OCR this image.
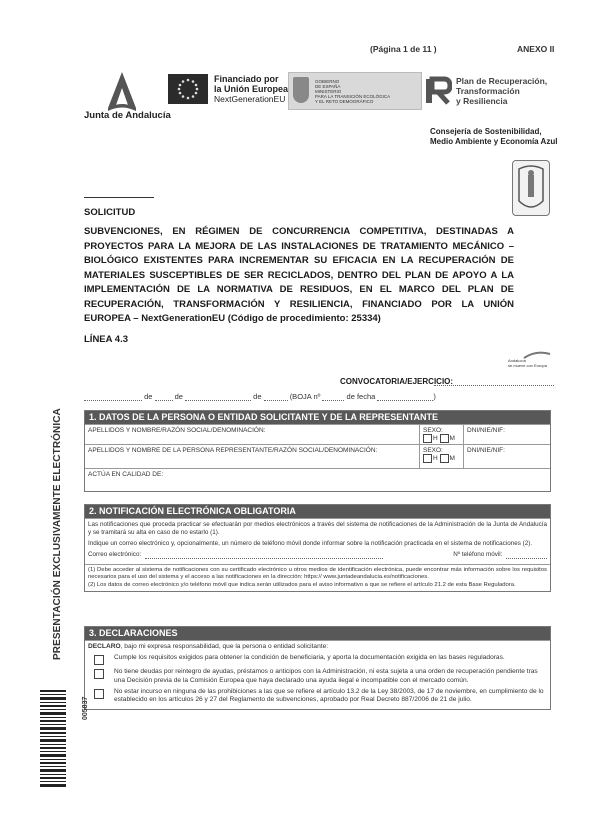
(Página 1 de 11 )	ANEXO II
Junta de Andalucía
Financiado por
la Unión Europea
NextGenerationEU
GOBIERNO
DE ESPAÑA
MINISTERIO
PARA LA TRANSICIÓN ECOLÓGICA
Y EL RETO DEMOGRÁFICO
Plan de Recuperación,
Transformación
y Resiliencia
Consejería de Sostenibilidad,
Medio Ambiente y Economía Azul
SOLICITUD
SUBVENCIONES, EN RÉGIMEN DE CONCURRENCIA COMPETITIVA, DESTINADAS A PROYECTOS PARA LA MEJORA DE LAS INSTALACIONES DE TRATAMIENTO MECÁNICO – BIOLÓGICO EXISTENTES PARA INCREMENTAR SU EFICACIA EN LA RECUPERACIÓN DE MATERIALES SUSCEPTIBLES DE SER RECICLADOS, DENTRO DEL PLAN DE APOYO A LA IMPLEMENTACIÓN DE LA NORMATIVA DE RESIDUOS, EN EL MARCO DEL PLAN DE RECUPERACIÓN, TRANSFORMACIÓN Y RESILIENCIA, FINANCIADO POR LA UNIÓN EUROPEA – NextGenerationEU (Código de procedimiento: 25334)
LÍNEA 4.3
Andalucía
se mueve con Europa
CONVOCATORIA/EJERCICIO:
de	de	de	(BOJA nº	de fecha	)
1. DATOS DE LA PERSONA O ENTIDAD SOLICITANTE Y DE LA REPRESENTANTE
APELLIDOS Y NOMBRE/RAZÓN SOCIAL/DENOMINACIÓN:	SEXO:
H M
DNI/NIE/NIF:
APELLIDOS Y NOMBRE DE LA PERSONA REPRESENTANTE/RAZÓN SOCIAL/DENOMINACIÓN:	SEXO:
H M
DNI/NIE/NIF:
ACTÚA EN CALIDAD DE:
2. NOTIFICACIÓN ELECTRÓNICA OBLIGATORIA
Las notificaciones que proceda practicar se efectuarán por medios electrónicos a través del sistema de notificaciones de la Administración de la Junta de Andalucía y se tramitará su alta en caso de no estarlo (1).
Indique un correo electrónico y, opcionalmente, un número de teléfono móvil donde informar sobre la notificación practicada en el sistema de notificaciones (2).
Correo electrónico:	Nº teléfono móvil:
(1) Debe acceder al sistema de notificaciones con su certificado electrónico u otros medios de identificación electrónica, puede encontrar más información sobre los requisitos necesarios para el uso del sistema y el acceso a las notificaciones en la dirección: https:// www.juntadeandalucia.es/notificaciones.
(2) Los datos de correo electrónico y/o teléfono móvil que indica serán utilizados para el aviso informativo a que se refiere el artículo 21.2 de esta Base Reguladora.
3. DECLARACIONES
DECLARO, bajo mi expresa responsabilidad, que la persona o entidad solicitante:
Cumple los requisitos exigidos para obtener la condición de beneficiaria, y aporta la documentación exigida en las bases reguladoras.
No tiene deudas por reintegro de ayudas, préstamos o anticipos con la Administración, ni esta sujeta a una orden de recuperación pendiente tras una Decisión previa de la Comisión Europea que haya declarado una ayuda ilegal e incompatible con el mercado común.
No estar incurso en ninguna de las prohibiciones a las que se refiere el artículo 13.2 de la Ley 38/2003, de 17 de noviembre, en cumplimiento de lo establecido en los artículos 26 y 27 del Reglamento de subvenciones, aprobado por Real Decreto 887/2006 de 21 de julio.
PRESENTACIÓN EXCLUSIVAMENTE ELECTRÓNICA
005837
